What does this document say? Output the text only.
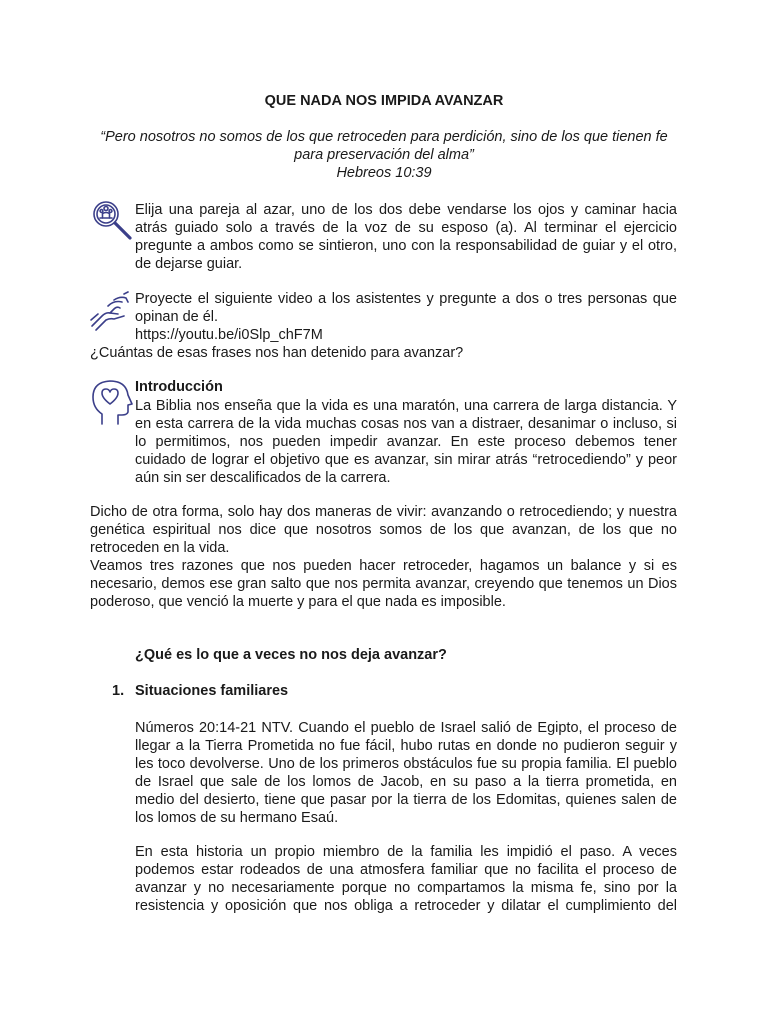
QUE NADA NOS IMPIDA AVANZAR
“Pero nosotros no somos de los que retroceden para perdición, sino de los que tienen fe para preservación del alma”
Hebreos 10:39
Elija una pareja al azar, uno de los dos debe vendarse los ojos y caminar hacia atrás guiado solo a través de la voz de su esposo (a). Al terminar el ejercicio pregunte a ambos como se sintieron, uno con la responsabilidad de guiar y el otro, de dejarse guiar.
Proyecte el siguiente video a los asistentes y pregunte a dos o tres personas que opinan de él.
https://youtu.be/i0Slp_chF7M
¿Cuántas de esas frases nos han detenido para avanzar?
Introducción
La Biblia nos enseña que la vida es una maratón, una carrera de larga distancia. Y en esta carrera de la vida muchas cosas nos van a distraer, desanimar o incluso, si lo permitimos, nos pueden impedir avanzar. En este proceso debemos tener cuidado de lograr el objetivo que es avanzar, sin mirar atrás “retrocediendo” y peor aún sin ser descalificados de la carrera.
Dicho de otra forma, solo hay dos maneras de vivir: avanzando o retrocediendo; y nuestra genética espiritual nos dice que nosotros somos de los que avanzan, de los que no retroceden en la vida.
Veamos tres razones que nos pueden hacer retroceder, hagamos un balance y si es necesario, demos ese gran salto que nos permita avanzar, creyendo que tenemos un Dios poderoso, que venció la muerte y para el que nada es imposible.
¿Qué es lo que a veces no nos deja avanzar?
1. Situaciones familiares
Números 20:14-21 NTV. Cuando el pueblo de Israel salió de Egipto, el proceso de llegar a la Tierra Prometida no fue fácil, hubo rutas en donde no pudieron seguir y les toco devolverse. Uno de los primeros obstáculos fue su propia familia. El pueblo de Israel que sale de los lomos de Jacob, en su paso a la tierra prometida, en medio del desierto, tiene que pasar por la tierra de los Edomitas, quienes salen de los lomos de su hermano Esaú.
En esta historia un propio miembro de la familia les impidió el paso. A veces podemos estar rodeados de una atmosfera familiar que no facilita el proceso de avanzar y no necesariamente porque no compartamos la misma fe, sino por la resistencia y oposición que nos obliga a retroceder y dilatar el cumplimiento del
